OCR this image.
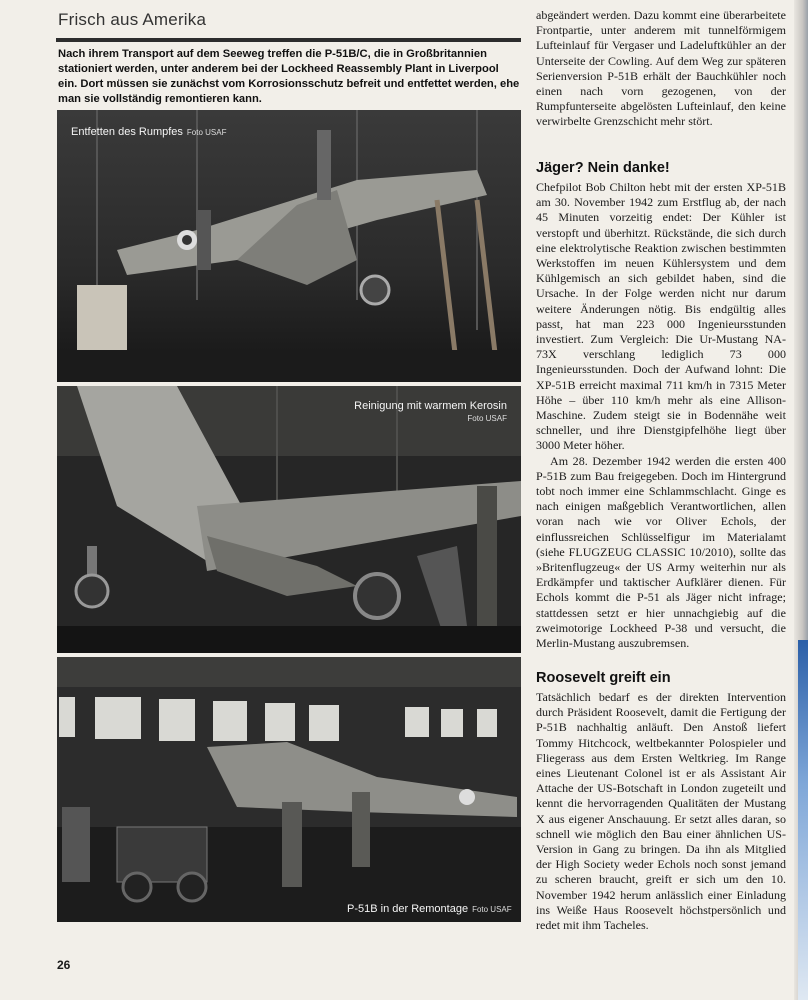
Frisch aus Amerika
Nach ihrem Transport auf dem Seeweg treffen die P-51B/C, die in Großbritannien stationiert werden, unter anderem bei der Lockheed Reassembly Plant in Liverpool ein. Dort müssen sie zunächst vom Korrosionsschutz befreit und entfettet werden, ehe man sie vollständig remontieren kann.
Entfetten des Rumpfes Foto USAF
Reinigung mit warmem Kerosin
Foto USAF
P-51B in der Remontage Foto USAF

abgeändert werden. Dazu kommt eine überarbeitete Frontpartie, unter anderem mit tunnelförmigem Lufteinlauf für Vergaser und Ladeluftkühler an der Unterseite der Cowling. Auf dem Weg zur späteren Serienversion P-51B erhält der Bauchkühler noch einen nach vorn gezogenen, von der Rumpfunterseite abgelösten Lufteinlauf, den keine verwirbelte Grenzschicht mehr stört.

Jäger? Nein danke!

Chefpilot Bob Chilton hebt mit der ersten XP-51B am 30. November 1942 zum Erstflug ab, der nach 45 Minuten vorzeitig endet: Der Kühler ist verstopft und überhitzt. Rückstände, die sich durch eine elektrolytische Reaktion zwischen bestimmten Werkstoffen im neuen Kühlersystem und dem Kühlgemisch an sich gebildet haben, sind die Ursache. In der Folge werden nicht nur darum weitere Änderungen nötig. Bis endgültig alles passt, hat man 223 000 Ingenieursstunden investiert. Zum Vergleich: Die Ur-Mustang NA-73X verschlang lediglich 73 000 Ingenieursstunden. Doch der Aufwand lohnt: Die XP-51B erreicht maximal 711 km/h in 7315 Meter Höhe – über 110 km/h mehr als eine Allison-Maschine. Zudem steigt sie in Bodennähe weit schneller, und ihre Dienstgipfelhöhe liegt über 3000 Meter höher.

Am 28. Dezember 1942 werden die ersten 400 P-51B zum Bau freigegeben. Doch im Hintergrund tobt noch immer eine Schlammschlacht. Ginge es nach einigen maßgeblich Verantwortlichen, allen voran nach wie vor Oliver Echols, der einflussreichen Schlüsselfigur im Materialamt (siehe FLUGZEUG CLASSIC 10/2010), sollte das »Britenflugzeug« der US Army weiterhin nur als Erdkämpfer und taktischer Aufklärer dienen. Für Echols kommt die P-51 als Jäger nicht infrage; stattdessen setzt er hier unnachgiebig auf die zweimotorige Lockheed P-38 und versucht, die Merlin-Mustang auszubremsen.

Roosevelt greift ein

Tatsächlich bedarf es der direkten Intervention durch Präsident Roosevelt, damit die Fertigung der P-51B nachhaltig anläuft. Den Anstoß liefert Tommy Hitchcock, weltbekannter Polospieler und Fliegerass aus dem Ersten Weltkrieg. Im Range eines Lieutenant Colonel ist er als Assistant Air Attache der US-Botschaft in London zugeteilt und kennt die hervorragenden Qualitäten der Mustang X aus eigener Anschauung. Er setzt alles daran, so schnell wie möglich den Bau einer ähnlichen US-Version in Gang zu bringen. Da ihn als Mitglied der High Society weder Echols noch sonst jemand zu scheren braucht, greift er sich um den 10. November 1942 herum anlässlich einer Einladung ins Weiße Haus Roosevelt höchstpersönlich und redet mit ihm Tacheles.

26
